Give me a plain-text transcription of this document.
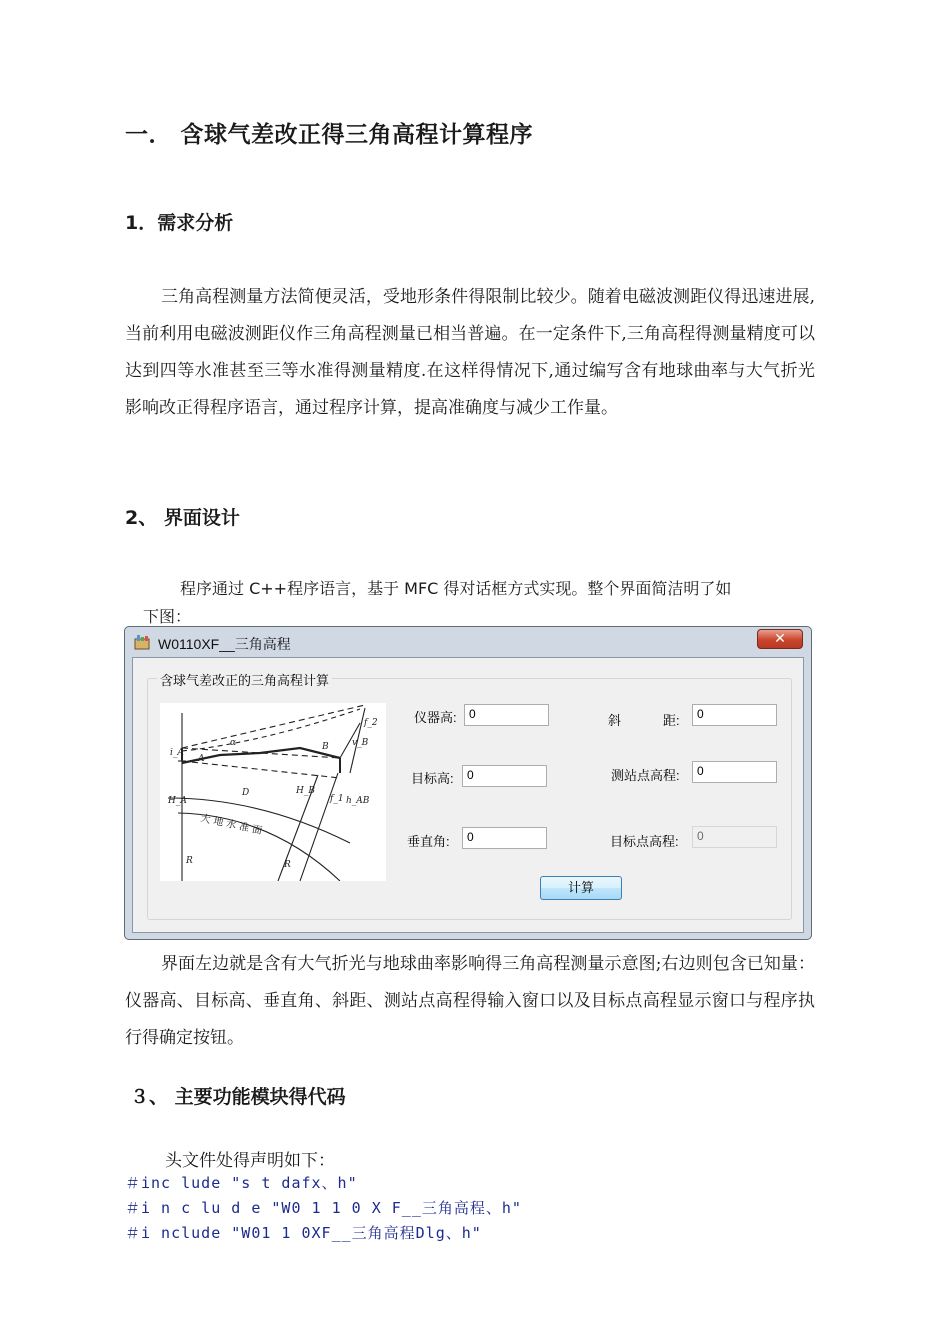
一． 含球气差改正得三角高程计算程序
1．需求分析
三角高程测量方法简便灵活，受地形条件得限制比较少。随着电磁波测距仪得迅速进展,当前利用电磁波测距仪作三角高程测量已相当普遍。在一定条件下,三角高程得测量精度可以达到四等水准甚至三等水准得测量精度.在这样得情况下,通过编写含有地球曲率与大气折光影响改正得程序语言，通过程序计算，提高准确度与减少工作量。
2、 界面设计
程序通过 C++程序语言，基于 MFC 得对话框方式实现。整个界面简洁明了如
下图：
W0110XF__三角高程	✕
含球气差改正的三角高程计算
i_A
A
H_A
D	H_B
B	v_B
f_1
f_2
h_AB
α
R	R
大 地 水 准 面
仪器高:	0
目标高:	0
垂直角:	0
斜	距:	0
测站点高程:	0
目标点高程:	0
计算
界面左边就是含有大气折光与地球曲率影响得三角高程测量示意图;右边则包含已知量：仪器高、目标高、垂直角、斜距、测站点高程得输入窗口以及目标点高程显示窗口与程序执行得确定按钮。
３、 主要功能模块得代码
头文件处得声明如下：
＃inc lude "s t dafx、h"
＃i n c lu d e "W0 1 1 0 X F__三角高程、h"
＃i nclude "W01 1 0XF__三角高程Dlg、h"
